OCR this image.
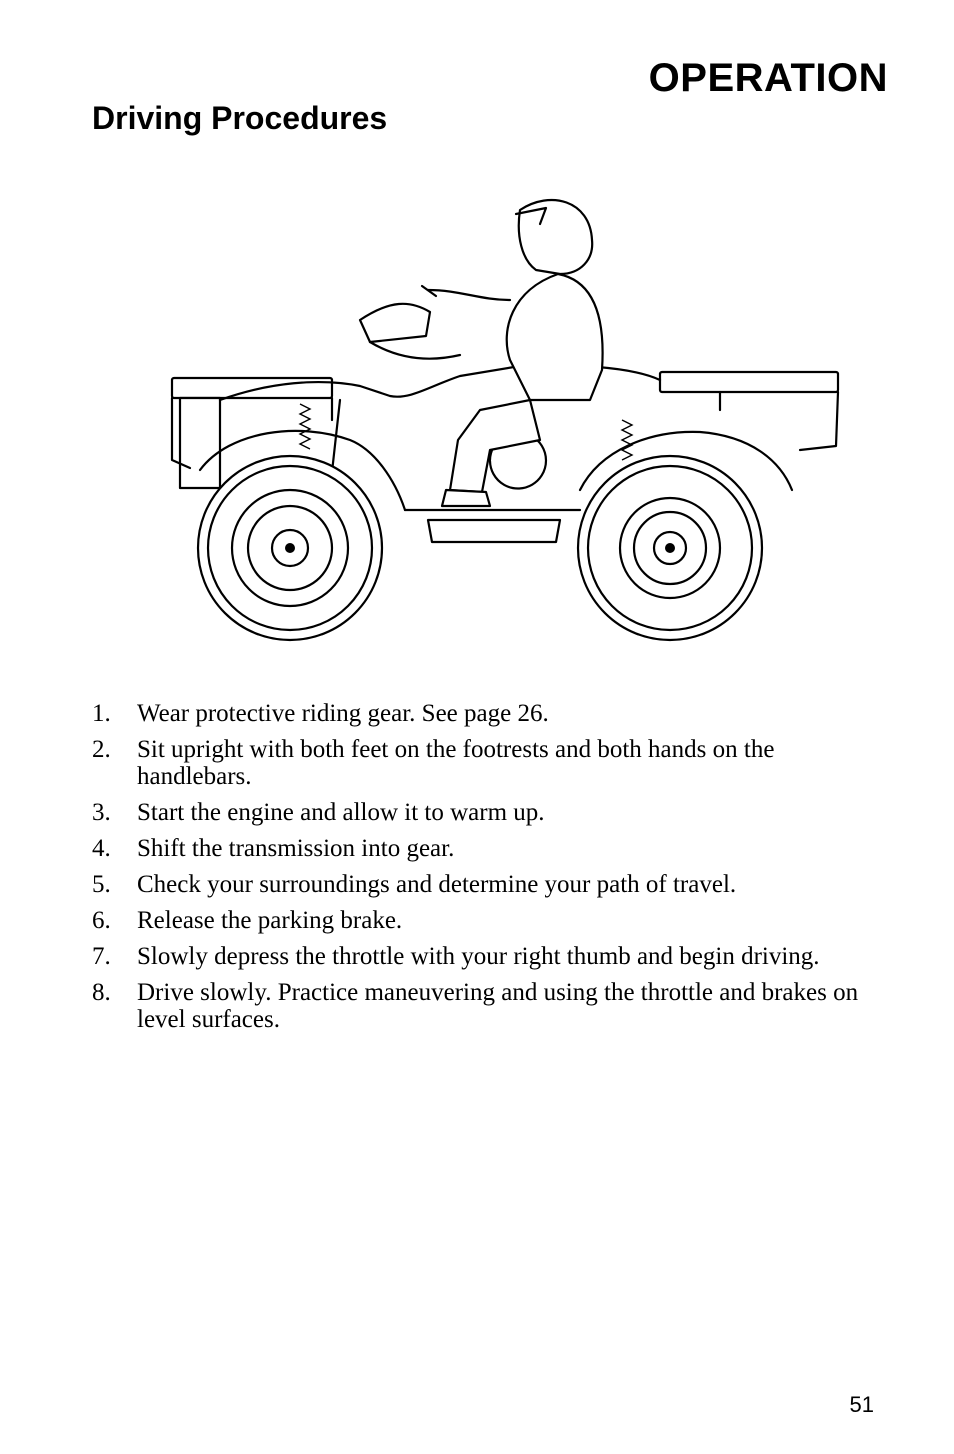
OPERATION
Driving Procedures
1.	Wear protective riding gear. See page 26.
2.	Sit upright with both feet on the footrests and both hands on the handlebars.
3.	Start the engine and allow it to warm up.
4.	Shift the transmission into gear.
5.	Check your surroundings and determine your path of travel.
6.	Release the parking brake.
7.	Slowly depress the throttle with your right thumb and begin driving.
8.	Drive slowly. Practice maneuvering and using the throttle and brakes on level surfaces.
51
